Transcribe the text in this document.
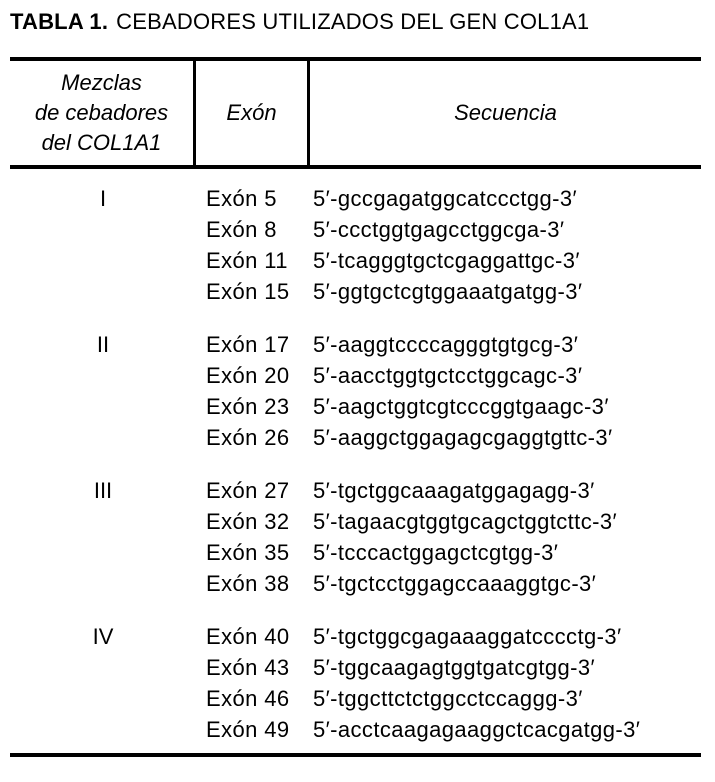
TABLA 1. CEBADORES UTILIZADOS DEL GEN COL1A1
Mezclas
de cebadores
del COL1A1
Exón	Secuencia
I	Exón 5	5′-gccgagatggcatccctgg-3′
Exón 8	5′-ccctggtgagcctggcga-3′
Exón 11	5′-tcagggtgctcgaggattgc-3′
Exón 15	5′-ggtgctcgtggaaatgatgg-3′
II	Exón 17	5′-aaggtccccagggtgtgcg-3′
Exón 20	5′-aacctggtgctcctggcagc-3′
Exón 23	5′-aagctggtcgtcccggtgaagc-3′
Exón 26	5′-aaggctggagagcgaggtgttc-3′
III	Exón 27	5′-tgctggcaaagatggagagg-3′
Exón 32	5′-tagaacgtggtgcagctggtcttc-3′
Exón 35	5′-tcccactggagctcgtgg-3′
Exón 38	5′-tgctcctggagccaaaggtgc-3′
IV	Exón 40	5′-tgctggcgagaaaggatcccctg-3′
Exón 43	5′-tggcaagagtggtgatcgtgg-3′
Exón 46	5′-tggcttctctggcctccaggg-3′
Exón 49	5′-acctcaagagaaggctcacgatgg-3′
